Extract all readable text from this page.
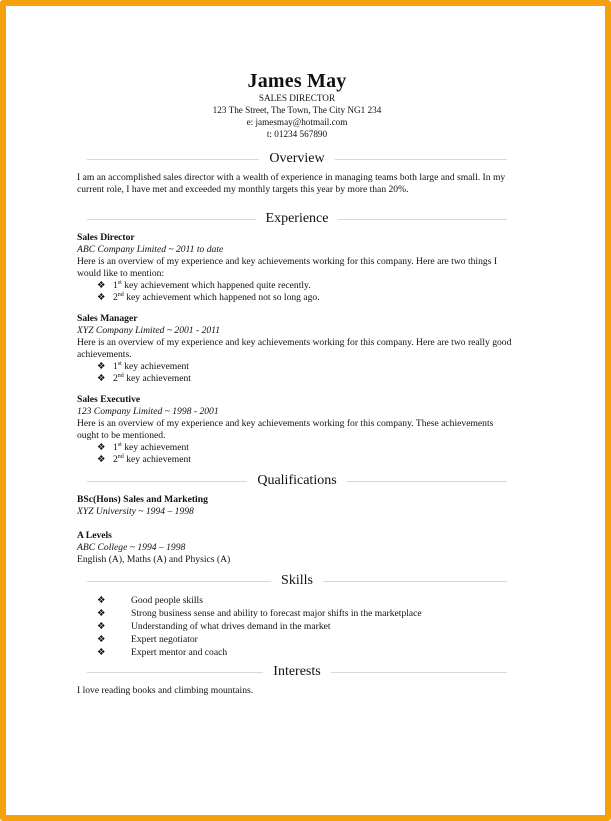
James May
SALES DIRECTOR
123 The Street, The Town, The City NG1 234
e: jamesmay@hotmail.com
t: 01234 567890
Overview
I am an accomplished sales director with a wealth of experience in managing teams both large and small. In my current role, I have met and exceeded my monthly targets this year by more than 20%.
Experience
Sales Director
ABC Company Limited ~ 2011 to date
Here is an overview of my experience and key achievements working for this company. Here are two things I would like to mention:
❖ 1st key achievement which happened quite recently.
❖ 2nd key achievement which happened not so long ago.
Sales Manager
XYZ Company Limited ~ 2001 - 2011
Here is an overview of my experience and key achievements working for this company. Here are two really good achievements.
❖ 1st key achievement
❖ 2nd key achievement
Sales Executive
123 Company Limited ~ 1998 - 2001
Here is an overview of my experience and key achievements working for this company. These achievements ought to be mentioned.
❖ 1st key achievement
❖ 2nd key achievement
Qualifications
BSc(Hons) Sales and Marketing
XYZ University ~ 1994 – 1998
A Levels
ABC College ~ 1994 – 1998
English (A), Maths (A) and Physics (A)
Skills
❖	Good people skills
❖	Strong business sense and ability to forecast major shifts in the marketplace
❖	Understanding of what drives demand in the market
❖	Expert negotiator
❖	Expert mentor and coach
Interests
I love reading books and climbing mountains.
